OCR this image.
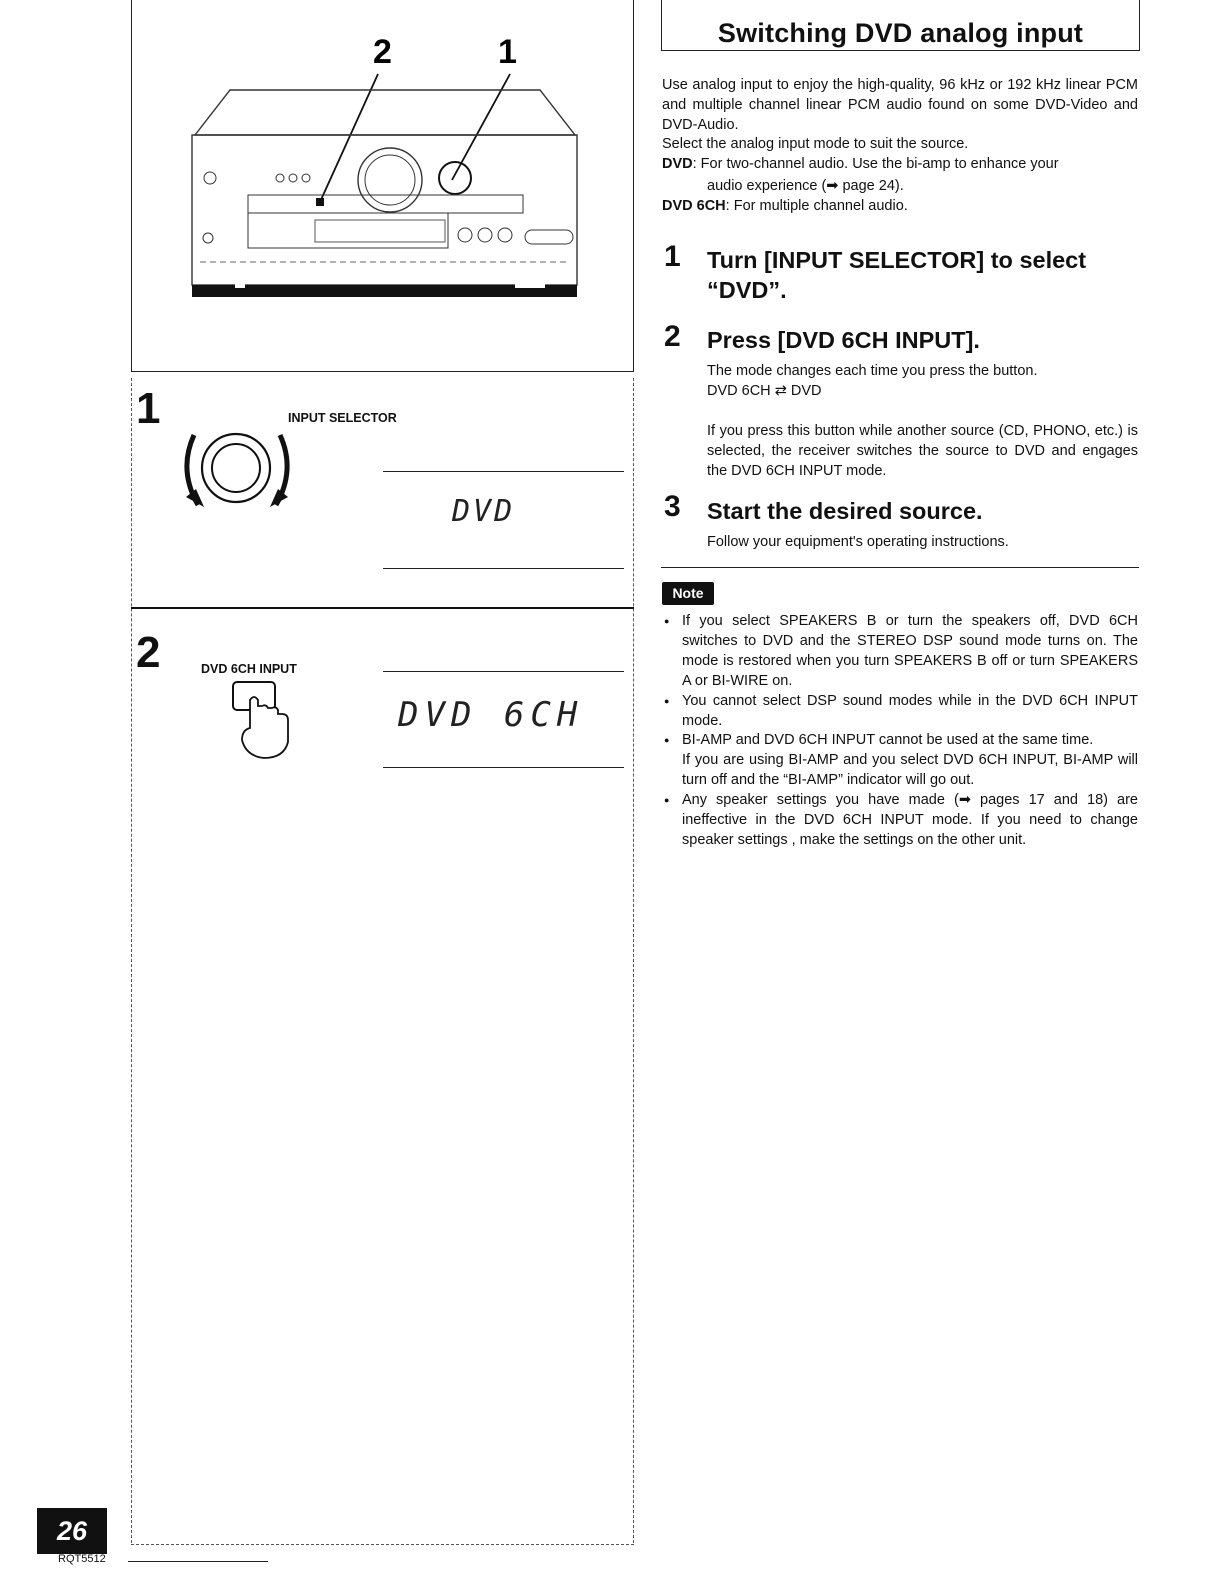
2	1
1	INPUT SELECTOR
DVD
2	DVD 6CH INPUT
DVD 6CH
Switching DVD analog input
Use analog input to enjoy the high-quality, 96 kHz or 192 kHz linear PCM and multiple channel linear PCM audio found on some DVD-Video and DVD-Audio.
Select the analog input mode to suit the source.
DVD: For two-channel audio. Use the bi-amp to enhance your
audio experience (➡ page 24).
DVD 6CH: For multiple channel audio.
1 Turn [INPUT SELECTOR] to select
“DVD”.
2 Press [DVD 6CH INPUT].
The mode changes each time you press the button.
DVD 6CH ⇄ DVD
If you press this button while another source (CD, PHONO, etc.) is selected, the receiver switches the source to DVD and engages the DVD 6CH INPUT mode.
3 Start the desired source.
Follow your equipment's operating instructions.
Note
● If you select SPEAKERS B or turn the speakers off, DVD 6CH switches to DVD and the STEREO DSP sound mode turns on. The mode is restored when you turn SPEAKERS B off or turn SPEAKERS A or BI-WIRE on.
● You cannot select DSP sound modes while in the DVD 6CH INPUT mode.
● BI-AMP and DVD 6CH INPUT cannot be used at the same time.
If you are using BI-AMP and you select DVD 6CH INPUT, BI-AMP will turn off and the “BI-AMP” indicator will go out.
● Any speaker settings you have made (➡ pages 17 and 18) are ineffective in the DVD 6CH INPUT mode. If you need to change speaker settings , make the settings on the other unit.
26
RQT5512
